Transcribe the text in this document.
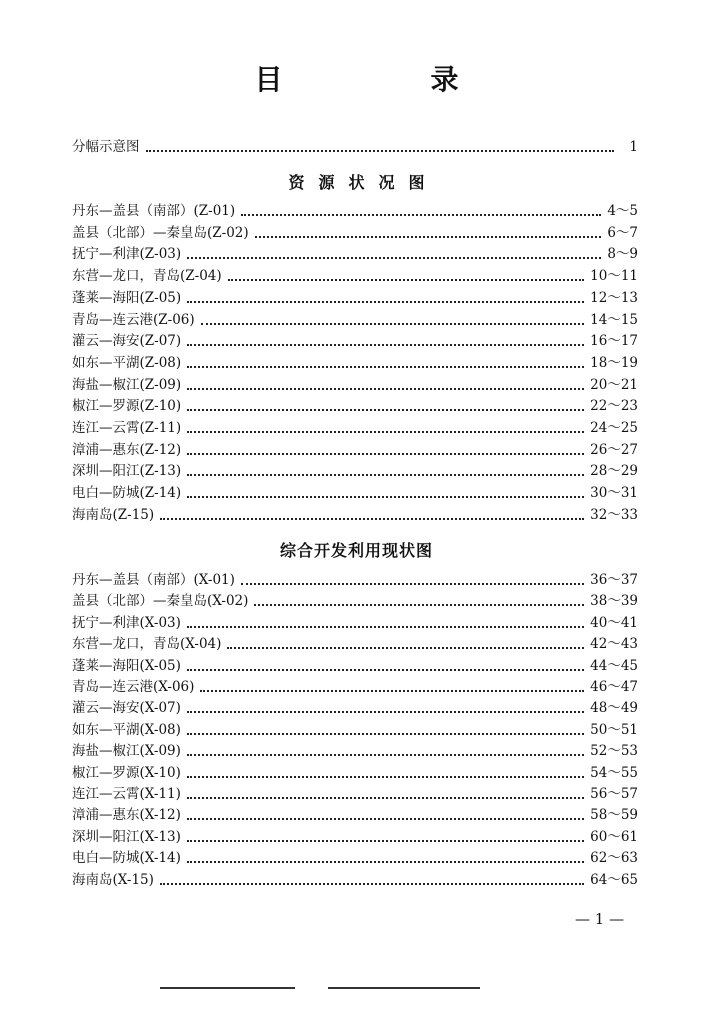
目　录
分幅示意图	1
资源状况图
丹东—盖县（南部）(Z-01)	4～5
盖县（北部）—秦皇岛(Z-02)	6～7
抚宁—利津(Z-03)	8～9
东营—龙口，青岛(Z-04)	10～11
蓬莱—海阳(Z-05)	12～13
青岛—连云港(Z-06)	14～15
灌云—海安(Z-07)	16～17
如东—平湖(Z-08)	18～19
海盐—椒江(Z-09)	20～21
椒江—罗源(Z-10)	22～23
连江—云霄(Z-11)	24～25
漳浦—惠东(Z-12)	26～27
深圳—阳江(Z-13)	28～29
电白—防城(Z-14)	30～31
海南岛(Z-15)	32～33
综合开发利用现状图
丹东—盖县（南部）(X-01)	36～37
盖县（北部）—秦皇岛(X-02)	38～39
抚宁—利津(X-03)	40～41
东营—龙口，青岛(X-04)	42～43
蓬莱—海阳(X-05)	44～45
青岛—连云港(X-06)	46～47
灌云—海安(X-07)	48～49
如东—平湖(X-08)	50～51
海盐—椒江(X-09)	52～53
椒江—罗源(X-10)	54～55
连江—云霄(X-11)	56～57
漳浦—惠东(X-12)	58～59
深圳—阳江(X-13)	60～61
电白—防城(X-14)	62～63
海南岛(X-15)	64～65
— 1 —
